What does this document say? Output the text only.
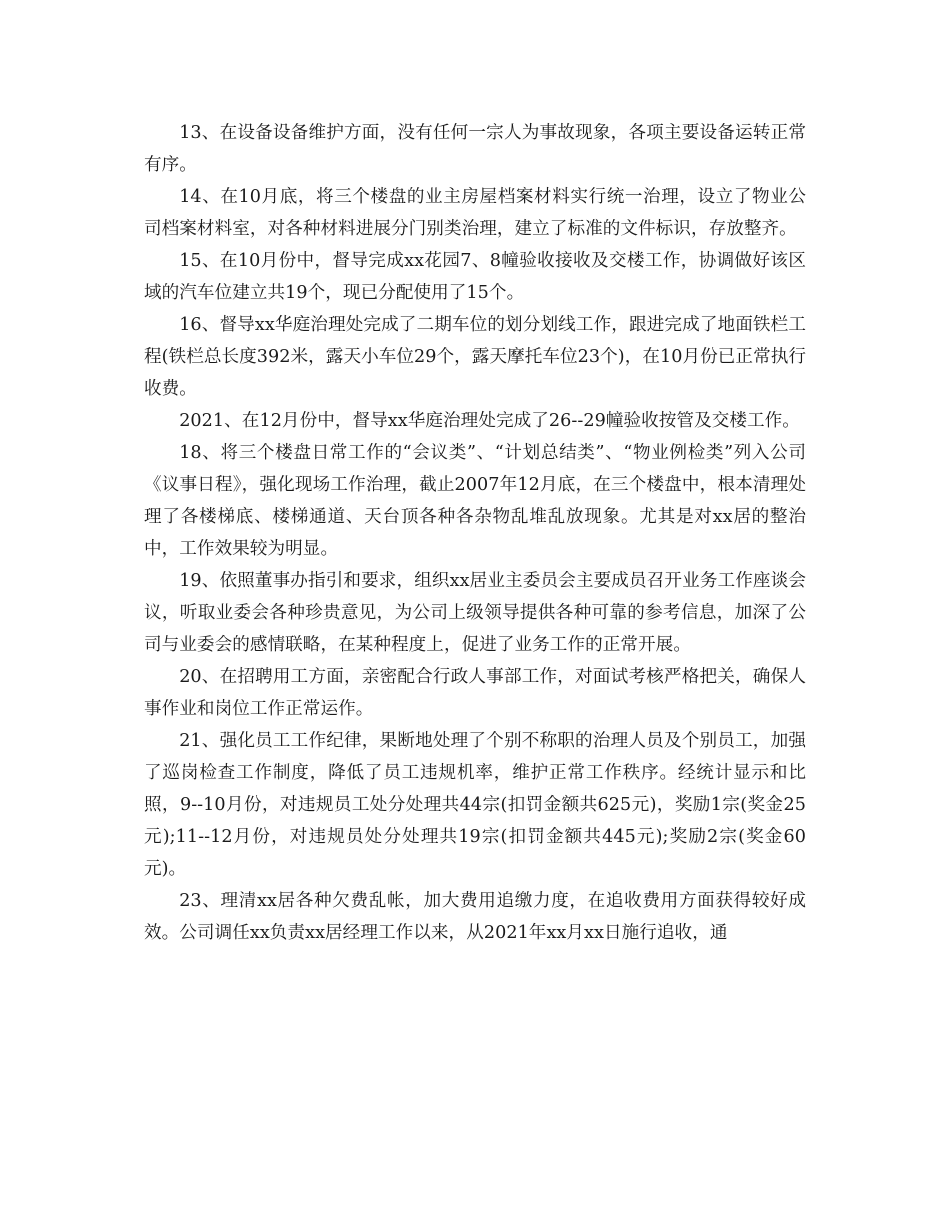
13、在设备设备维护方面，没有任何一宗人为事故现象，各项主要设备运转正常有序。

14、在10月底，将三个楼盘的业主房屋档案材料实行统一治理，设立了物业公司档案材料室，对各种材料进展分门别类治理，建立了标准的文件标识，存放整齐。

15、在10月份中，督导完成xx花园7、8幢验收接收及交楼工作，协调做好该区域的汽车位建立共19个，现已分配使用了15个。

16、督导xx华庭治理处完成了二期车位的划分划线工作，跟进完成了地面铁栏工程(铁栏总长度392米，露天小车位29个，露天摩托车位23个)，在10月份已正常执行收费。

2021、在12月份中，督导xx华庭治理处完成了26--29幢验收按管及交楼工作。

18、将三个楼盘日常工作的“会议类”、“计划总结类”、“物业例检类”列入公司《议事日程》，强化现场工作治理，截止2007年12月底，在三个楼盘中，根本清理处理了各楼梯底、楼梯通道、天台顶各种各杂物乱堆乱放现象。尤其是对xx居的整治中，工作效果较为明显。

19、依照董事办指引和要求，组织xx居业主委员会主要成员召开业务工作座谈会议，听取业委会各种珍贵意见，为公司上级领导提供各种可靠的参考信息，加深了公司与业委会的感情联略，在某种程度上，促进了业务工作的正常开展。

20、在招聘用工方面，亲密配合行政人事部工作，对面试考核严格把关，确保人事作业和岗位工作正常运作。

21、强化员工工作纪律，果断地处理了个别不称职的治理人员及个别员工，加强了巡岗检查工作制度，降低了员工违规机率，维护正常工作秩序。经统计显示和比照，9--10月份，对违规员工处分处理共44宗(扣罚金额共625元)，奖励1宗(奖金25元);11--12月份，对违规员处分处理共19宗(扣罚金额共445元);奖励2宗(奖金60元)。

23、理清xx居各种欠费乱帐，加大费用追缴力度，在追收费用方面获得较好成效。公司调任xx负责xx居经理工作以来，从2021年xx月xx日施行追收，通
